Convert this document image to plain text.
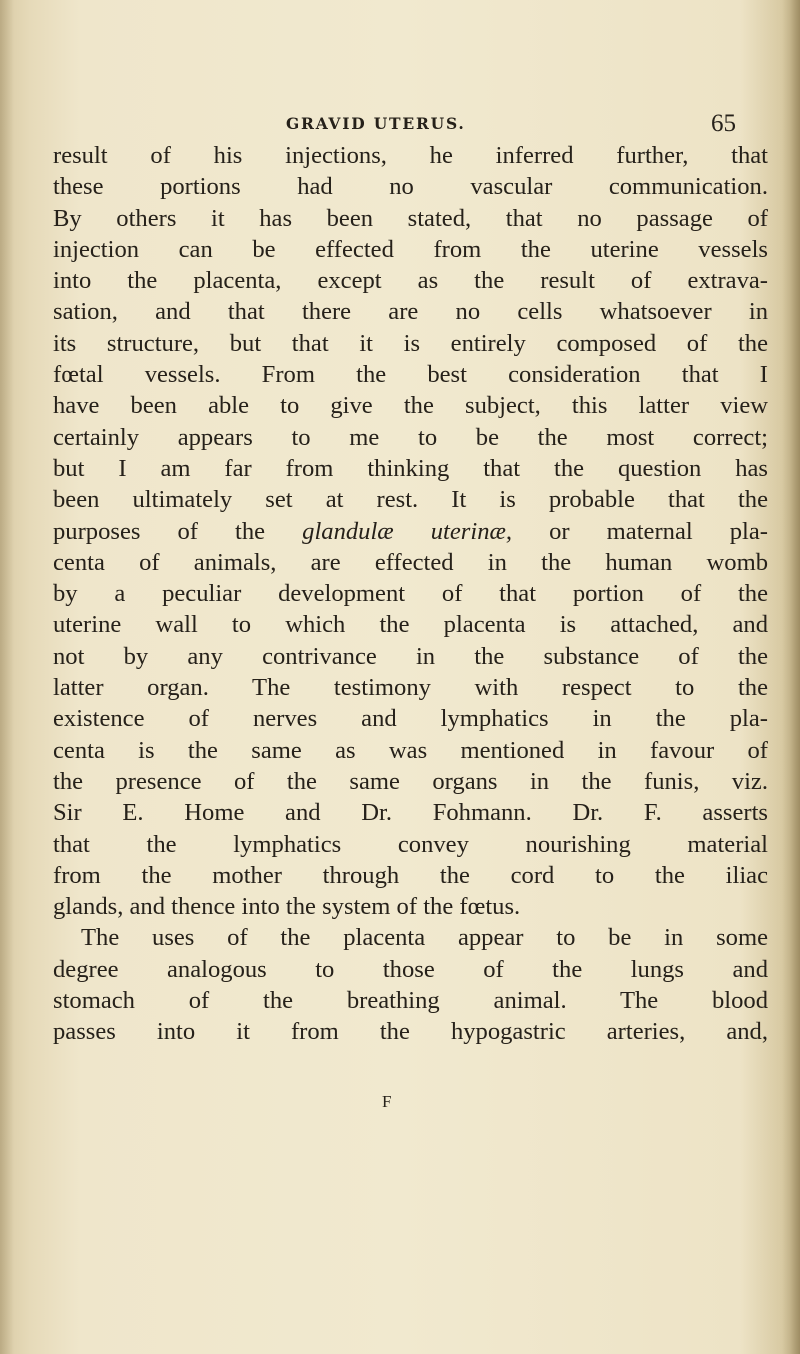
GRAVID UTERUS.	65
result of his injections, he inferred further, that
these portions had no vascular communication.
By others it has been stated, that no passage of
injection can be effected from the uterine vessels
into the placenta, except as the result of extrava-
sation, and that there are no cells whatsoever in
its structure, but that it is entirely composed of the
fœtal vessels. From the best consideration that I
have been able to give the subject, this latter view
certainly appears to me to be the most correct;
but I am far from thinking that the question has
been ultimately set at rest. It is probable that the
purposes of the glandulæ uterinæ, or maternal pla-
centa of animals, are effected in the human womb
by a peculiar development of that portion of the
uterine wall to which the placenta is attached, and
not by any contrivance in the substance of the
latter organ. The testimony with respect to the
existence of nerves and lymphatics in the pla-
centa is the same as was mentioned in favour of
the presence of the same organs in the funis, viz.
Sir E. Home and Dr. Fohmann. Dr. F. asserts
that the lymphatics convey nourishing material
from the mother through the cord to the iliac
glands, and thence into the system of the fœtus.
The uses of the placenta appear to be in some
degree analogous to those of the lungs and
stomach of the breathing animal. The blood
passes into it from the hypogastric arteries, and,
F
